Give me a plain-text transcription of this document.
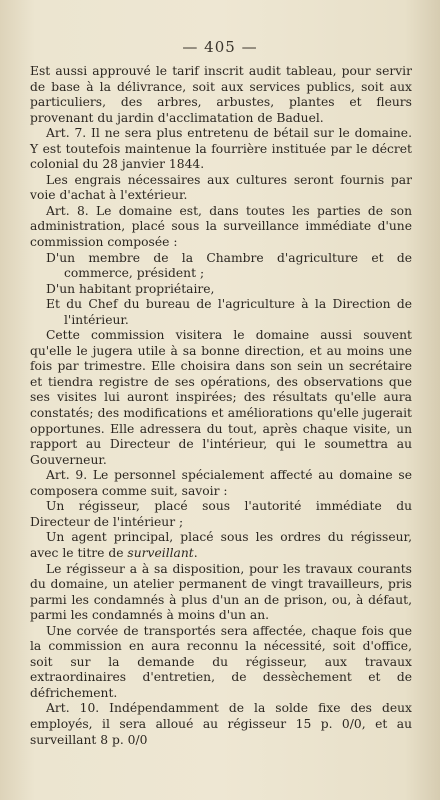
— 405 —

Est aussi approuvé le tarif inscrit audit tableau, pour servir de base à la délivrance, soit aux services publics, soit aux particuliers, des arbres, arbustes, plantes et fleurs provenant du jardin d'acclimatation de Baduel.

Art. 7. Il ne sera plus entretenu de bétail sur le domaine. Y est toutefois maintenue la fourrière instituée par le décret colonial du 28 janvier 1844.

Les engrais nécessaires aux cultures seront fournis par voie d'achat à l'extérieur.

Art. 8. Le domaine est, dans toutes les parties de son administration, placé sous la surveillance immédiate d'une commission composée :

D'un membre de la Chambre d'agriculture et de commerce, président ;

D'un habitant propriétaire,

Et du Chef du bureau de l'agriculture à la Direction de l'intérieur.

Cette commission visitera le domaine aussi souvent qu'elle le jugera utile à sa bonne direction, et au moins une fois par trimestre. Elle choisira dans son sein un secrétaire et tiendra registre de ses opérations, des observations que ses visites lui auront inspirées; des résultats qu'elle aura constatés; des modifications et améliorations qu'elle jugerait opportunes. Elle adressera du tout, après chaque visite, un rapport au Directeur de l'intérieur, qui le soumettra au Gouverneur.

Art. 9. Le personnel spécialement affecté au domaine se composera comme suit, savoir :

Un régisseur, placé sous l'autorité immédiate du Directeur de l'intérieur ;

Un agent principal, placé sous les ordres du régisseur, avec le titre de surveillant.

Le régisseur a à sa disposition, pour les travaux courants du domaine, un atelier permanent de vingt travailleurs, pris parmi les condamnés à plus d'un an de prison, ou, à défaut, parmi les condamnés à moins d'un an.

Une corvée de transportés sera affectée, chaque fois que la commission en aura reconnu la nécessité, soit d'office, soit sur la demande du régisseur, aux travaux extraordinaires d'entretien, de dessèchement et de défrichement.

Art. 10. Indépendamment de la solde fixe des deux employés, il sera alloué au régisseur 15 p. 0/0, et au surveillant 8 p. 0/0
